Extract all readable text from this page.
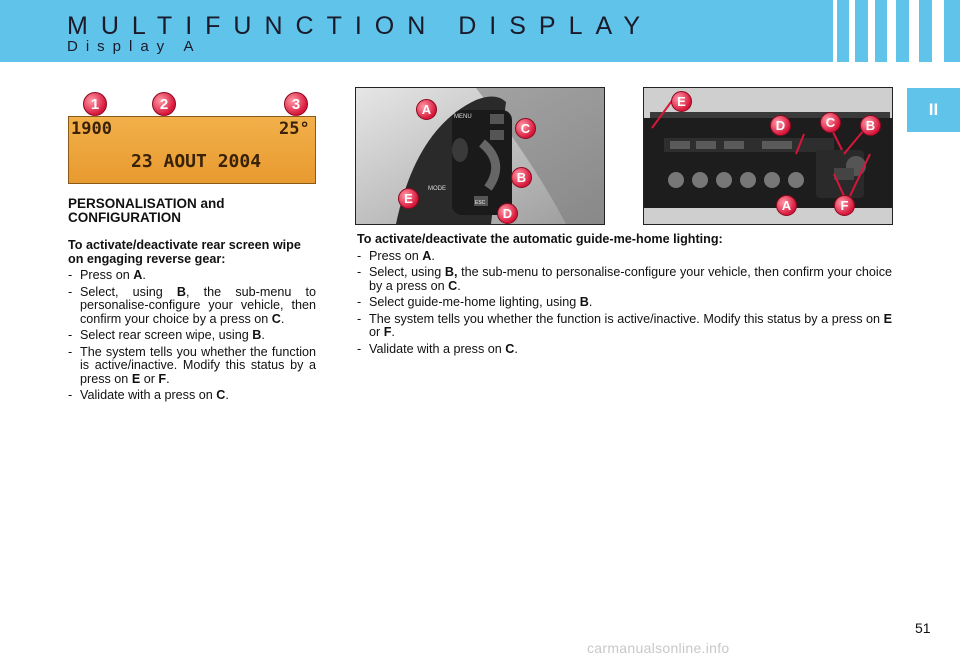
MULTIFUNCTION DISPLAY
Display A
II
1	2	3
1900	25°
23 AOUT 2004
MENU
MODE
ESC
A
C
B
E
D
E
D	C	B
A	F
PERSONALISATION and CONFIGURATION
To activate/deactivate rear screen wipe on engaging reverse gear:
- Press on A.
- Select, using B, the sub-menu to personalise-configure your vehicle, then confirm your choice by a press on C.
- Select rear screen wipe, using B.
- The system tells you whether the function is active/inactive. Modify this status by a press on E or F.
- Validate with a press on C.
To activate/deactivate the automatic guide-me-home lighting:
- Press on A.
- Select, using B, the sub-menu to personalise-configure your vehicle, then confirm your choice by a press on C.
- Select guide-me-home lighting, using B.
- The system tells you whether the function is active/inactive. Modify this status by a press on E or F.
- Validate with a press on C.
51
carmanualsonline.info
